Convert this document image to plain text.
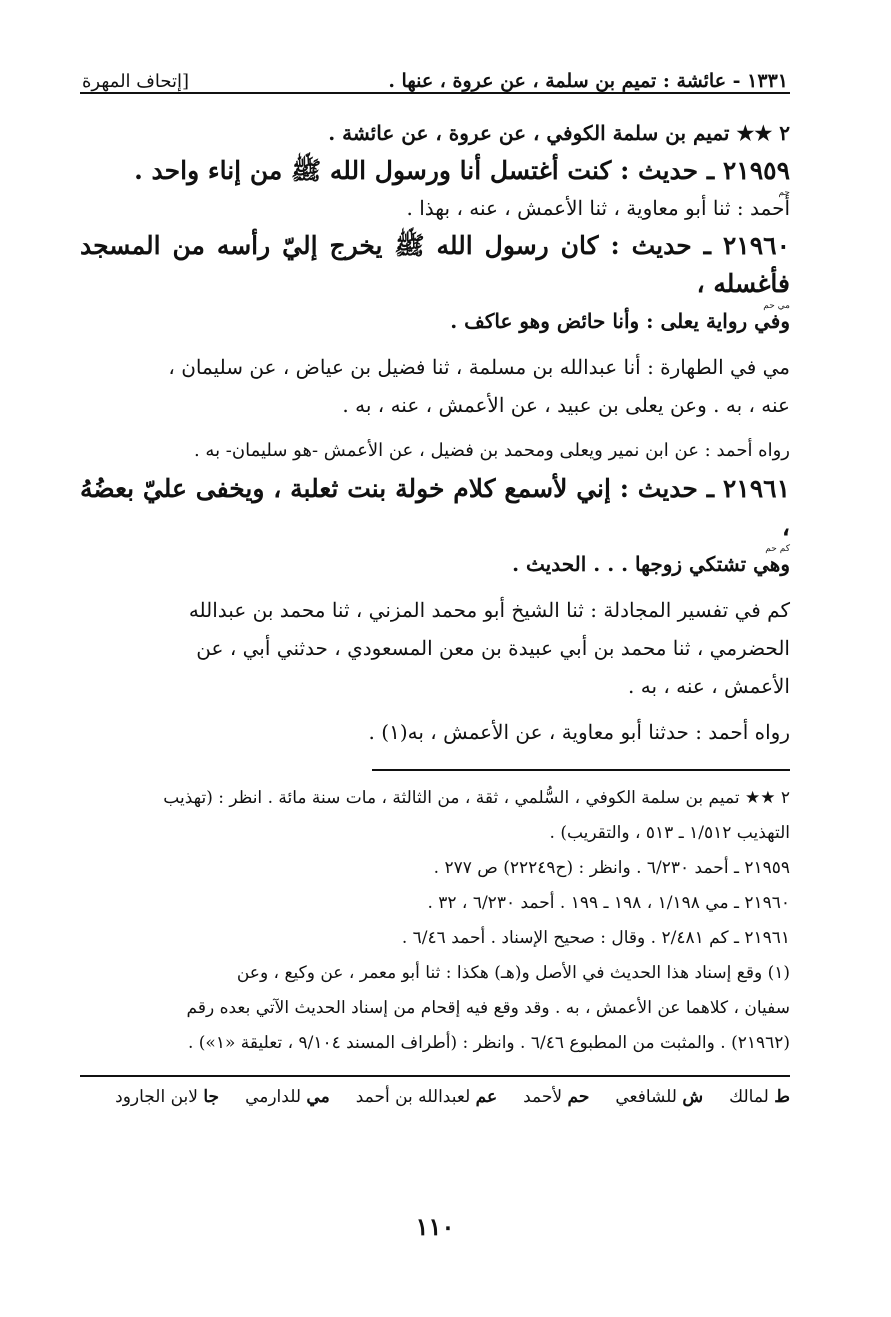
١٣٣١ - عائشة : تميم بن سلمة ، عن عروة ، عنها .
[إتحاف المهرة

٢ ★★ تميم بن سلمة الكوفي ، عن عروة ، عن عائشة .

٢١٩٥٩ ـ حديث : كنت أغتسل أنا ورسول الله ﷺ من إناء واحد .

حم

أحمد : ثنا أبو معاوية ، ثنا الأعمش ، عنه ، بهذا .

٢١٩٦٠ ـ حديث : كان رسول الله ﷺ يخرج إليّ رأسه من المسجد فأغسله ،

مي حم

وفي رواية يعلى : وأنا حائض وهو عاكف .

مي في الطهارة : أنا عبدالله بن مسلمة ، ثنا فضيل بن عياض ، عن سليمان ،

عنه ، به . وعن يعلى بن عبيد ، عن الأعمش ، عنه ، به .

رواه أحمد : عن ابن نمير ويعلى ومحمد بن فضيل ، عن الأعمش -هو سليمان- به .

٢١٩٦١ ـ حديث : إني لأسمع كلام خولة بنت ثعلبة ، ويخفى عليّ بعضُهُ ،

كم حم

وهي تشتكي زوجها . . . الحديث .

كم في تفسير المجادلة : ثنا الشيخ أبو محمد المزني ، ثنا محمد بن عبدالله

الحضرمي ، ثنا محمد بن أبي عبيدة بن معن المسعودي ، حدثني أبي ، عن

الأعمش ، عنه ، به .

رواه أحمد : حدثنا أبو معاوية ، عن الأعمش ، به(١) .

٢ ★★ تميم بن سلمة الكوفي ، السُّلمي ، ثقة ، من الثالثة ، مات سنة مائة . انظر : (تهذيب

التهذيب ١/٥١٢ ـ ٥١٣ ، والتقريب) .

٢١٩٥٩ ـ أحمد ٦/٢٣٠ . وانظر : (ح٢٢٢٤٩) ص ٢٧٧ .

٢١٩٦٠ ـ مي ١/١٩٨ ، ١٩٨ ـ ١٩٩ . أحمد ٦/٢٣٠ ، ٣٢ .

٢١٩٦١ ـ كم ٢/٤٨١ . وقال : صحيح الإسناد . أحمد ٦/٤٦ .

(١) وقع إسناد هذا الحديث في الأصل و(هـ) هكذا : ثنا أبو معمر ، عن وكيع ، وعن

سفيان ، كلاهما عن الأعمش ، به . وقد وقع فيه إقحام من إسناد الحديث الآتي بعده رقم

(٢١٩٦٢) . والمثبت من المطبوع ٦/٤٦ . وانظر : (أطراف المسند ٩/١٠٤ ، تعليقة «١») .

ط لمالك
ش للشافعي
حم لأحمد
عم لعبدالله بن أحمد
مي للدارمي
جا لابن الجارود
١١٠
